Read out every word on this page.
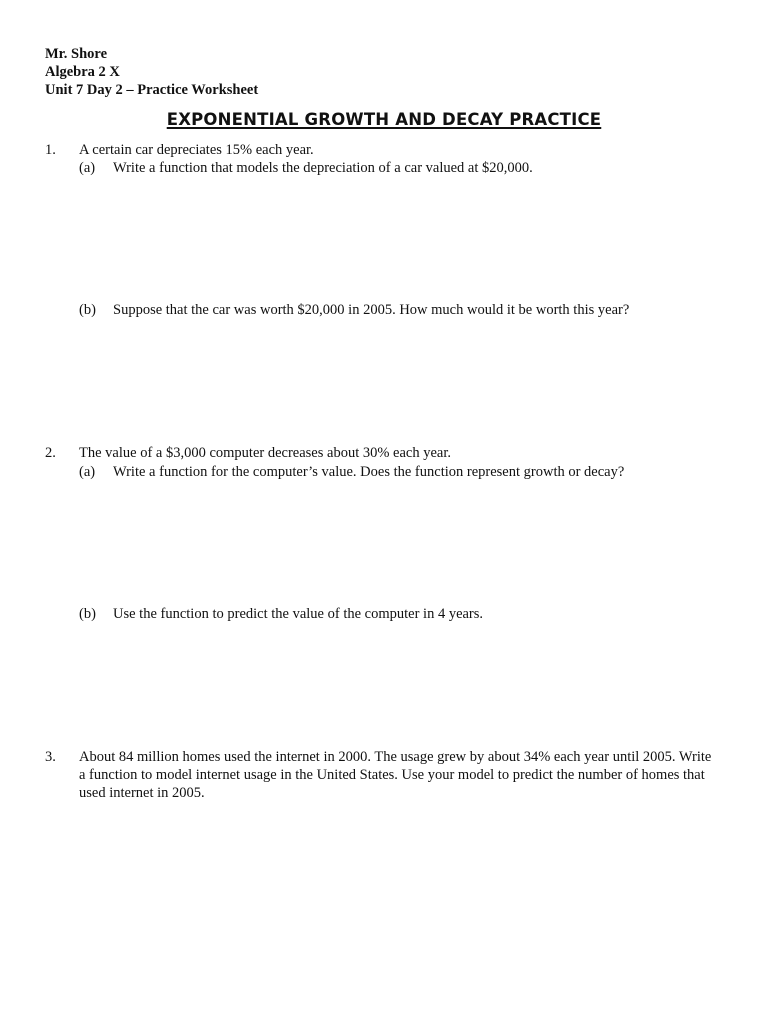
Mr. Shore
Algebra 2 X
Unit 7 Day 2 – Practice Worksheet
EXPONENTIAL GROWTH AND DECAY PRACTICE
1.	A certain car depreciates 15% each year.
(a) Write a function that models the depreciation of a car valued at $20,000.
(b) Suppose that the car was worth $20,000 in 2005. How much would it be worth this year?
2.	The value of a $3,000 computer decreases about 30% each year.
(a) Write a function for the computer’s value. Does the function represent growth or decay?
(b) Use the function to predict the value of the computer in 4 years.
3.	About 84 million homes used the internet in 2000. The usage grew by about 34% each year until 2005. Write a function to model internet usage in the United States. Use your model to predict the number of homes that used internet in 2005.
